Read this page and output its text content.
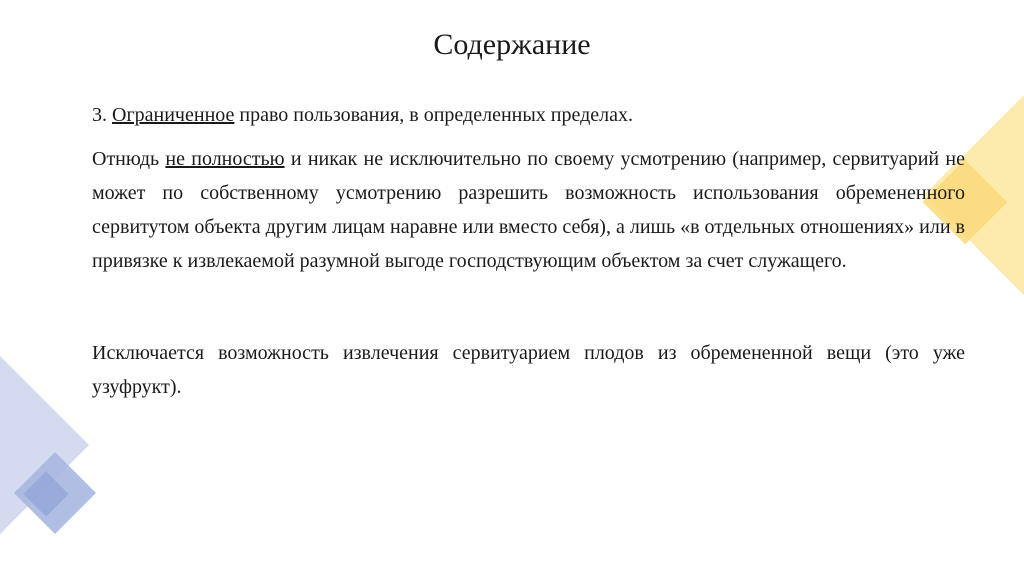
Содержание

3. Ограниченное право пользования, в определенных пределах.

Отнюдь не полностью и никак не исключительно по своему усмотрению (например, сервитуарий не может по собственному усмотрению разрешить возможность использования обремененного сервитутом объекта другим лицам наравне или вместо себя), а лишь «в отдельных отношениях» или в привязке к извлекаемой разумной выгоде господствующим объектом за счет служащего.

Исключается возможность извлечения сервитуарием плодов из обремененной вещи (это уже узуфрукт).
